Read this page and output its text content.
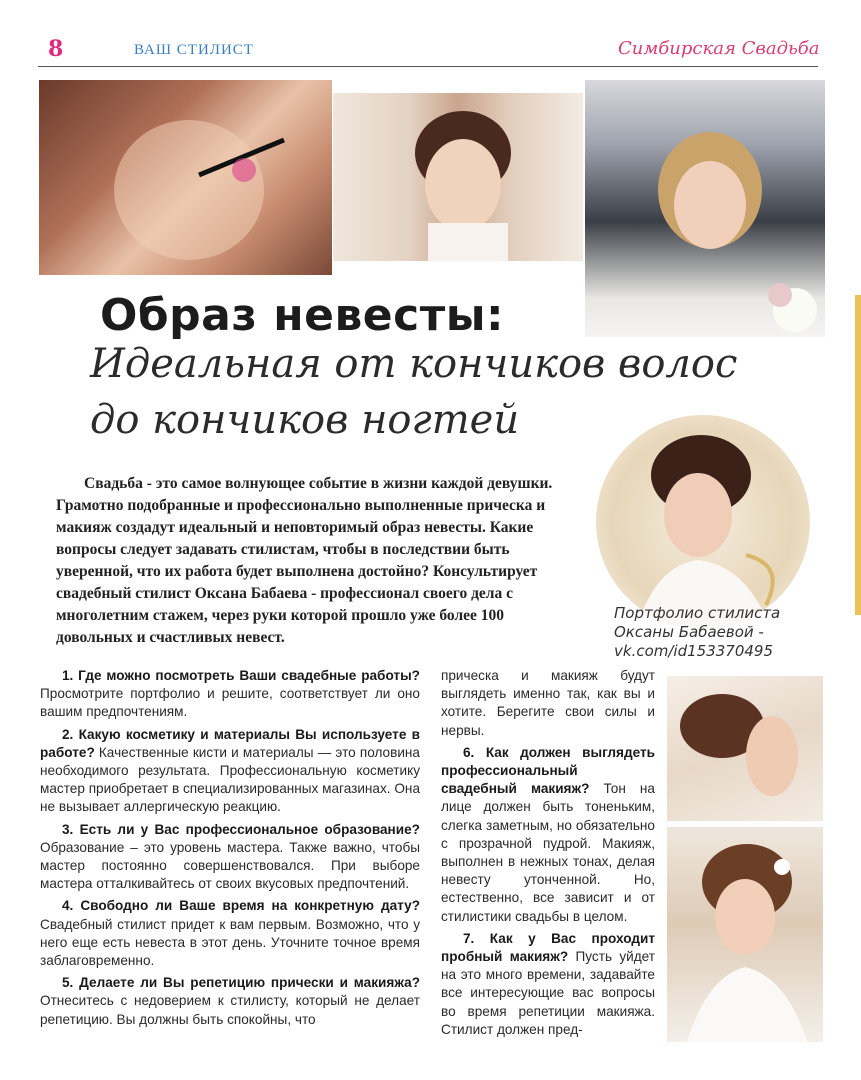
8	ВАШ СТИЛИСТ	Симбирская Свадьба
Образ невесты:
Идеальная от кончиков волос до кончиков ногтей
Свадьба - это самое волнующее событие в жизни каждой девушки. Грамотно подобранные и профессионально выполненные прическа и макияж создадут идеальный и неповторимый образ невесты. Какие вопросы следует задавать стилистам, чтобы в последствии быть уверенной, что их работа будет выполнена достойно? Консультирует свадебный стилист Оксана Бабаева - профессионал своего дела с многолетним стажем, через руки которой прошло уже более 100 довольных и счастливых невест.
Портфолио стилиста
Оксаны Бабаевой -
vk.com/id153370495

1. Где можно посмотреть Ваши свадебные работы? Просмотрите портфолио и решите, соответствует ли оно вашим предпочтениям.

2. Какую косметику и материалы Вы используете в работе? Качественные кисти и материалы — это половина необходимого результата. Профессиональную косметику мастер приобретает в специализированных магазинах. Она не вызывает аллергическую реакцию.

3. Есть ли у Вас профессиональное образование? Образование – это уровень мастера. Также важно, чтобы мастер постоянно совершенствовался. При выборе мастера отталкивайтесь от своих вкусовых предпочтений.

4. Свободно ли Ваше время на конкретную дату? Свадебный стилист придет к вам первым. Возможно, что у него еще есть невеста в этот день. Уточните точное время заблаговременно.

5. Делаете ли Вы репетицию прически и макияжа? Отнеситесь с недоверием к стилисту, который не делает репетицию. Вы должны быть спокойны, что

прическа и макияж будут выглядеть именно так, как вы и хотите. Берегите свои силы и нервы.

6. Как должен выглядеть профессиональный свадебный макияж? Тон на лице должен быть тоненьким, слегка заметным, но обязательно с прозрачной пудрой. Макияж, выполнен в нежных тонах, делая невесту утонченной. Но, естественно, все зависит и от стилистики свадьбы в целом.

7. Как у Вас проходит пробный макияж? Пусть уйдет на это много времени, задавайте все интересующие вас вопросы во время репетиции макияжа. Стилист должен пред-
